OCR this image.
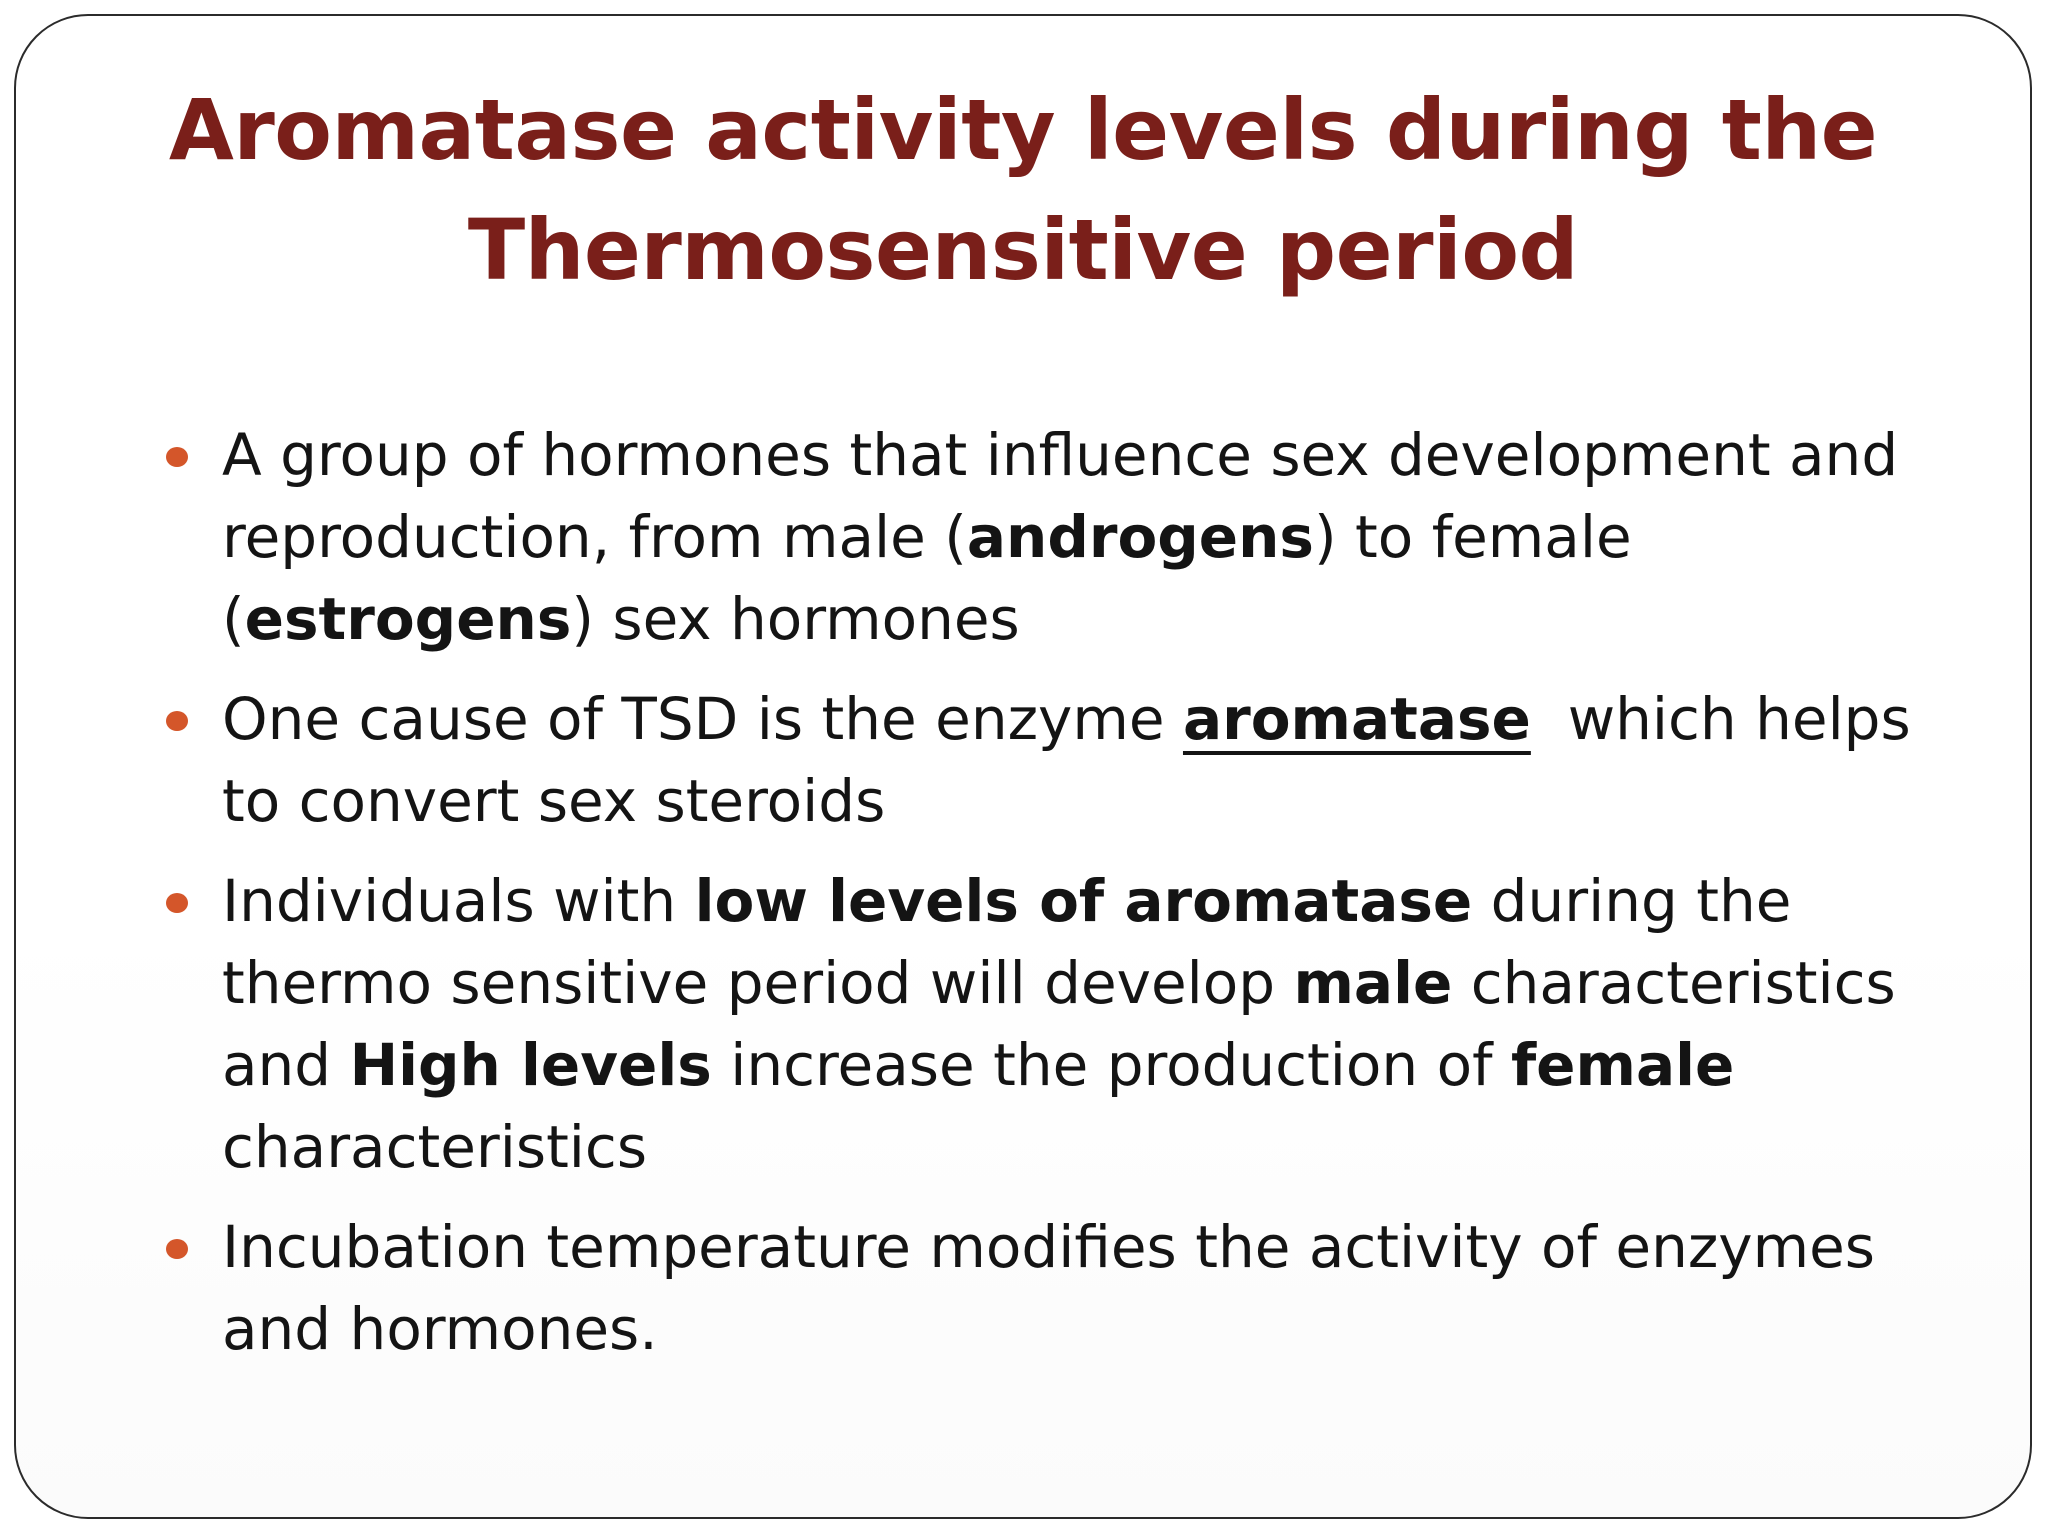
Aromatase activity levels during the
Thermosensitive period
A group of hormones that influence sex development and reproduction, from male (androgens) to female (estrogens) sex hormones
One cause of TSD is the enzyme aromatase  which helps to convert sex steroids
Individuals with low levels of aromatase during the thermo sensitive period will develop male characteristics and High levels increase the production of female characteristics
Incubation temperature modifies the activity of enzymes and hormones.
